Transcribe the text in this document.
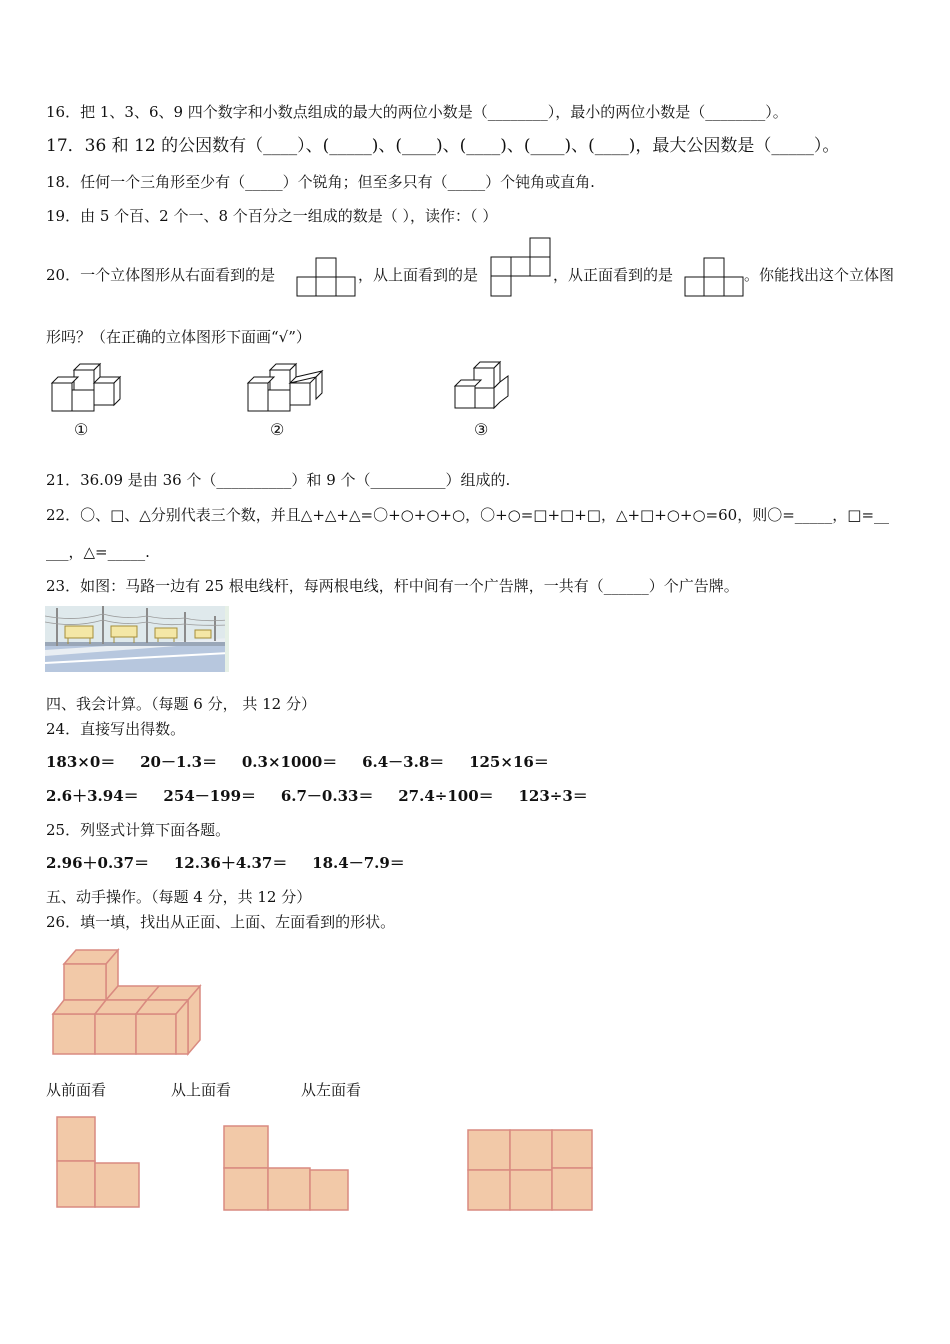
16．把 1、3、6、9 四个数字和小数点组成的最大的两位小数是（________），最小的两位小数是（________）。
17．36 和 12 的公因数有（____）、(_____)、(____)、(____)、(____)、(____)，最大公因数是（_____）。
18．任何一个三角形至少有（_____）个锐角；但至多只有（_____）个钝角或直角.
19．由 5 个百、2 个一、8 个百分之一组成的数是（ ），读作：（ ）
20．一个立体图形从右面看到的是	，从上面看到的是	，从正面看到的是	。你能找出这个立体图
形吗？（在正确的立体图形下面画“√”）
①	②	③
21．36.09 是由 36 个（__________）和 9 个（__________）组成的.
22．〇、□、△分别代表三个数，并且△+△+△=〇+○+○+○，〇+○=□+□+□，△+□+○+○=60，则〇=_____，□=__
___，△=_____.
23．如图：马路一边有 25 根电线杆，每两根电线，杆中间有一个广告牌，一共有（______）个广告牌。
四、我会计算。（每题 6 分， 共 12 分）
24．直接写出得数。
183×0＝ 20－1.3＝ 0.3×1000＝ 6.4－3.8＝ 125×16＝
2.6＋3.94＝ 254－199＝ 6.7－0.33＝ 27.4÷100＝ 123÷3＝
25．列竖式计算下面各题。
2.96＋0.37＝ 12.36＋4.37＝ 18.4－7.9＝
五、动手操作。（每题 4 分，共 12 分）
26．填一填，找出从正面、上面、左面看到的形状。
从前面看	从上面看	从左面看
